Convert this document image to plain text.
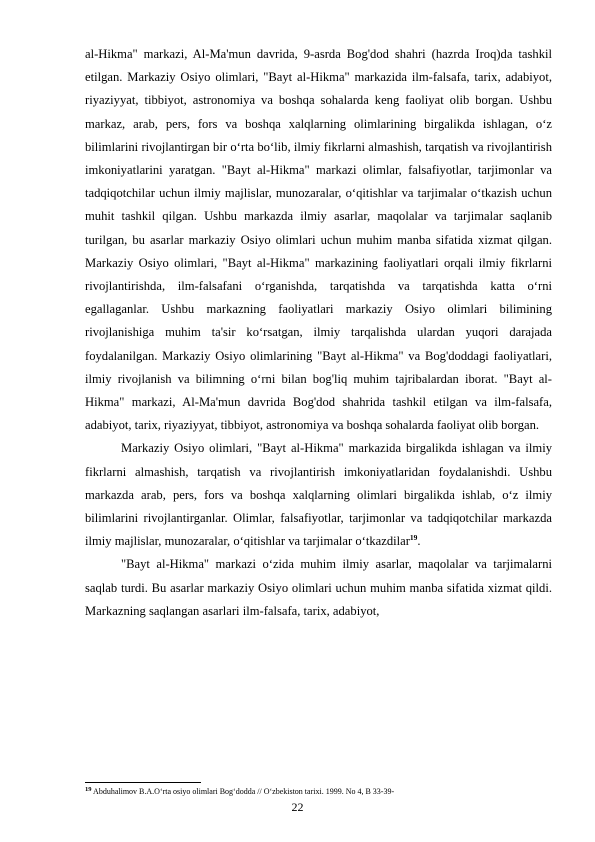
al-Hikma" markazi, Al-Ma'mun davrida, 9-asrda Bog'dod shahri (hazrda Iroq)da tashkil etilgan. Markaziy Osiyo olimlari, "Bayt al-Hikma" markazida ilm-falsafa, tarix, adabiyot, riyaziyyat, tibbiyot, astronomiya va boshqa sohalarda keng faoliyat olib borgan. Ushbu markaz, arab, pers, fors va boshqa xalqlarning olimlarining birgalikda ishlagan, o‘z bilimlarini rivojlantirgan bir o‘rta bo‘lib, ilmiy fikrlarni almashish, tarqatish va rivojlantirish imkoniyatlarini yaratgan. "Bayt al-Hikma" markazi olimlar, falsafiyotlar, tarjimonlar va tadqiqotchilar uchun ilmiy majlislar, munozaralar, o‘qitishlar va tarjimalar o‘tkazish uchun muhit tashkil qilgan. Ushbu markazda ilmiy asarlar, maqolalar va tarjimalar saqlanib turilgan, bu asarlar markaziy Osiyo olimlari uchun muhim manba sifatida xizmat qilgan. Markaziy Osiyo olimlari, "Bayt al-Hikma" markazining faoliyatlari orqali ilmiy fikrlarni rivojlantirishda, ilm-falsafani o‘rganishda, tarqatishda va tarqatishda katta o‘rni egallaganlar. Ushbu markazning faoliyatlari markaziy Osiyo olimlari bilimining rivojlanishiga muhim ta'sir ko‘rsatgan, ilmiy tarqalishda ulardan yuqori darajada foydalanilgan. Markaziy Osiyo olimlarining "Bayt al-Hikma" va Bog'doddagi faoliyatlari, ilmiy rivojlanish va bilimning o‘rni bilan bog'liq muhim tajribalardan iborat. "Bayt al-Hikma" markazi, Al-Ma'mun davrida Bog'dod shahrida tashkil etilgan va ilm-falsafa, adabiyot, tarix, riyaziyyat, tibbiyot, astronomiya va boshqa sohalarda faoliyat olib borgan.

Markaziy Osiyo olimlari, "Bayt al-Hikma" markazida birgalikda ishlagan va ilmiy fikrlarni almashish, tarqatish va rivojlantirish imkoniyatlaridan foydalanishdi. Ushbu markazda arab, pers, fors va boshqa xalqlarning olimlari birgalikda ishlab, o‘z ilmiy bilimlarini rivojlantirganlar. Olimlar, falsafiyotlar, tarjimonlar va tadqiqotchilar markazda ilmiy majlislar, munozaralar, o‘qitishlar va tarjimalar o‘tkazdilar$^{19}$.

"Bayt al-Hikma" markazi o‘zida muhim ilmiy asarlar, maqolalar va tarjimalarni saqlab turdi. Bu asarlar markaziy Osiyo olimlari uchun muhim manba sifatida xizmat qildi. Markazning saqlangan asarlari ilm-falsafa, tarix, adabiyot,

$^{19}$ Abduhalimov B.A.O‘rta osiyo olimlari Bog‘dodda // O‘zbekiston tarixi. 1999. No 4, B 33-39-
22
